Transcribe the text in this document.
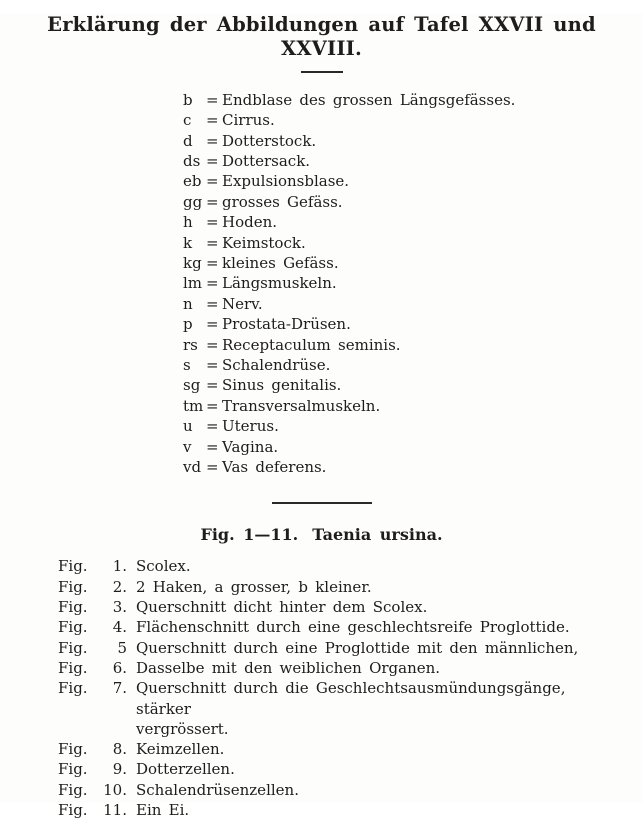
Erklärung der Abbildungen auf Tafel XXVII und XXVIII.
b = Endblase des grossen Längsgefässes.
c = Cirrus.
d = Dotterstock.
ds = Dottersack.
eb = Expulsionsblase.
gg = grosses Gefäss.
h = Hoden.
k = Keimstock.
kg = kleines Gefäss.
lm = Längsmuskeln.
n = Nerv.
p = Prostata-Drüsen.
rs = Receptaculum seminis.
s	= Schalendrüse.
sg = Sinus genitalis.
tm = Transversalmuskeln.
u = Uterus.
v = Vagina.
vd = Vas deferens.
Fig. 1—11. Taenia ursina.
Fig.	1. Scolex.
Fig.	2. 2 Haken, a grosser, b kleiner.
Fig.	3. Querschnitt dicht hinter dem Scolex.
Fig.	4. Flächenschnitt durch eine geschlechtsreife Proglottide.
Fig.	5 Querschnitt durch eine Proglottide mit den männlichen,
Fig.	6. Dasselbe mit den weiblichen Organen.
Fig.	7. Querschnitt durch die Geschlechtsausmündungsgänge, stärker
vergrössert.
Fig.	8. Keimzellen.
Fig.	9. Dotterzellen.
Fig. 10. Schalendrüsenzellen.
Fig. 11. Ein Ei.
